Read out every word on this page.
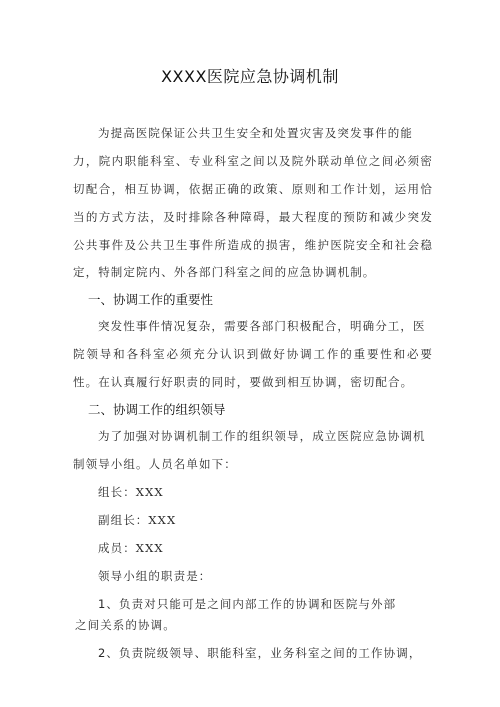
XXXX医院应急协调机制
为提高医院保证公共卫生安全和处置灾害及突发事件的能
力，院内职能科室、专业科室之间以及院外联动单位之间必须密
切配合，相互协调，依据正确的政策、原则和工作计划，运用恰
当的方式方法，及时排除各种障碍，最大程度的预防和减少突发
公共事件及公共卫生事件所造成的损害，维护医院安全和社会稳
定，特制定院内、外各部门科室之间的应急协调机制。
一、协调工作的重要性
突发性事件情况复杂，需要各部门积极配合，明确分工，医
院领导和各科室必须充分认识到做好协调工作的重要性和必要
性。在认真履行好职责的同时，要做到相互协调，密切配合。
二、协调工作的组织领导
为了加强对协调机制工作的组织领导，成立医院应急协调机
制领导小组。人员名单如下：
组长：XXX
副组长：XXX
成员：XXX
领导小组的职责是：
1、负责对只能可是之间内部工作的协调和医院与外部
之间关系的协调。
2、负责院级领导、职能科室，业务科室之间的工作协调，
